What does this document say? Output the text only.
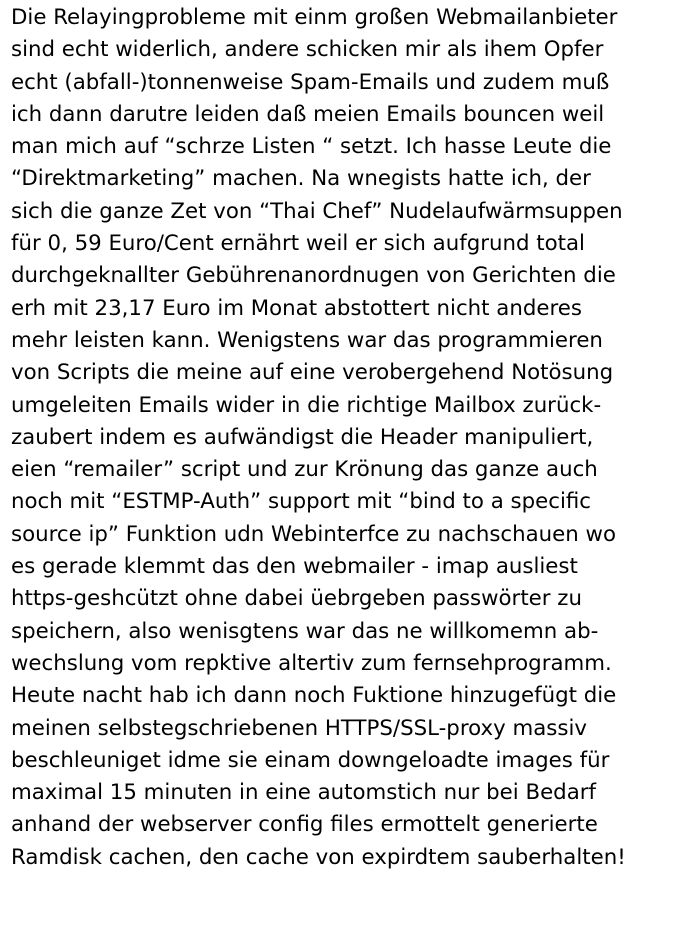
Die Relayingprobleme mit einm großen Webmailanbieter
sind echt widerlich, andere schicken mir als ihem Opfer
echt (abfall-)tonnenweise Spam-Emails und zudem muß
ich dann darutre leiden daß meien Emails bouncen weil
man mich auf “schrze Listen “ setzt. Ich hasse Leute die
“Direktmarketing” machen. Na wnegists hatte ich, der
sich die ganze Zet von “Thai Chef” Nudelaufwärmsuppen
für 0, 59 Euro/Cent ernährt weil er sich aufgrund total
durchgeknallter Gebührenanordnugen von Gerichten die
erh mit 23,17 Euro im Monat abstottert nicht anderes
mehr leisten kann. Wenigstens war das programmieren
von Scripts die meine auf eine verobergehend Notösung
umgeleiten Emails wider in die richtige Mailbox zurück-
zaubert indem es aufwändigst die Header manipuliert,
eien “remailer” script und zur Krönung das ganze auch
noch mit “ESTMP-Auth” support mit “bind to a specific
source ip” Funktion udn Webinterfce zu nachschauen wo
es gerade klemmt das den webmailer - imap ausliest
https-geshcützt ohne dabei üebrgeben passwörter zu
speichern, also wenisgtens war das ne willkomemn ab-
wechslung vom repktive altertiv zum fernsehprogramm.
Heute nacht hab ich dann noch Fuktione hinzugefügt die
meinen selbstegschriebenen HTTPS/SSL-proxy massiv
beschleuniget idme sie einam downgeloadte images für
maximal 15 minuten in eine automstich nur bei Bedarf
anhand der webserver config files ermottelt generierte
Ramdisk cachen, den cache von expirdtem sauberhalten!
